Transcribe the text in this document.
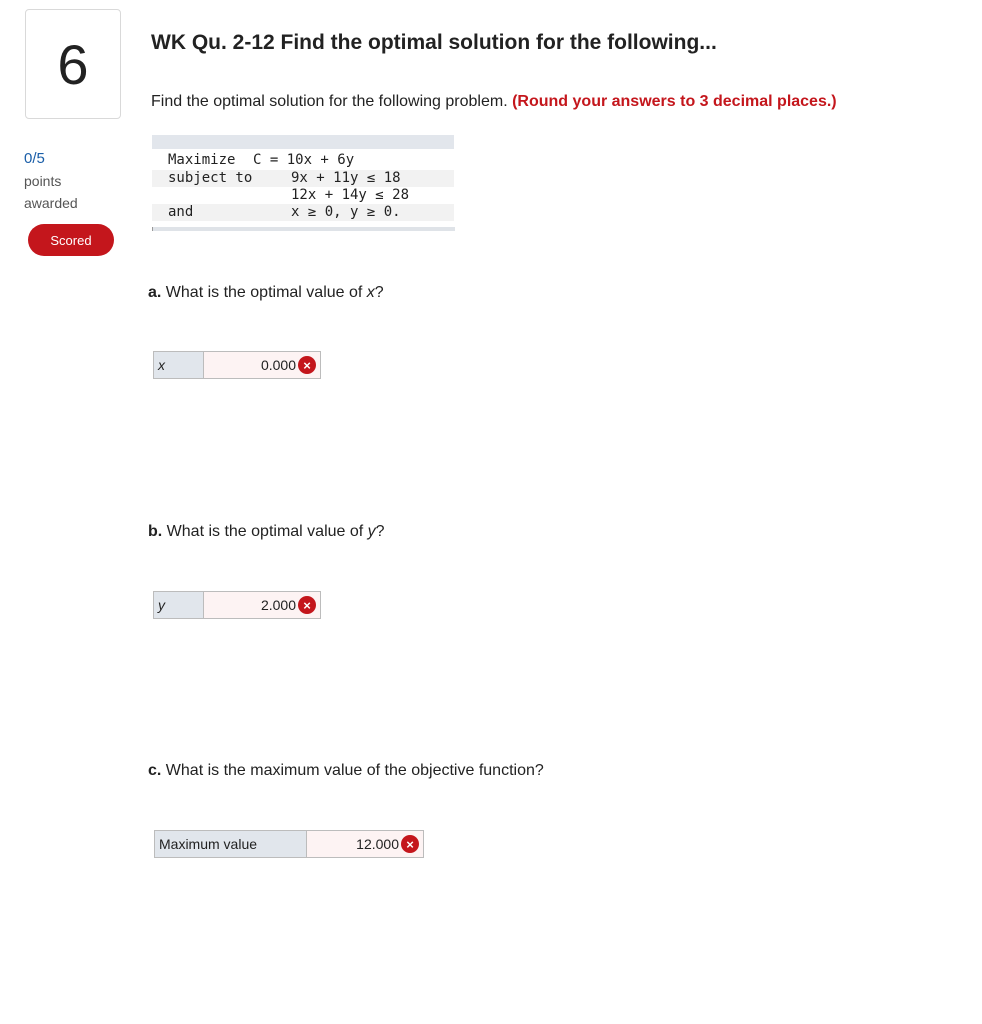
6
0/5
points awarded
Scored
WK Qu. 2-12 Find the optimal solution for the following...
Find the optimal solution for the following problem. (Round your answers to 3 decimal places.)
Maximize C = 10x + 6y
subject to	9x + 11y ≤ 18
12x + 14y ≤ 28
and	x ≥ 0, y ≥ 0.
a. What is the optimal value of x?
x	0.000 ×
b. What is the optimal value of y?
y	2.000 ×
c. What is the maximum value of the objective function?
Maximum value	12.000 ×
